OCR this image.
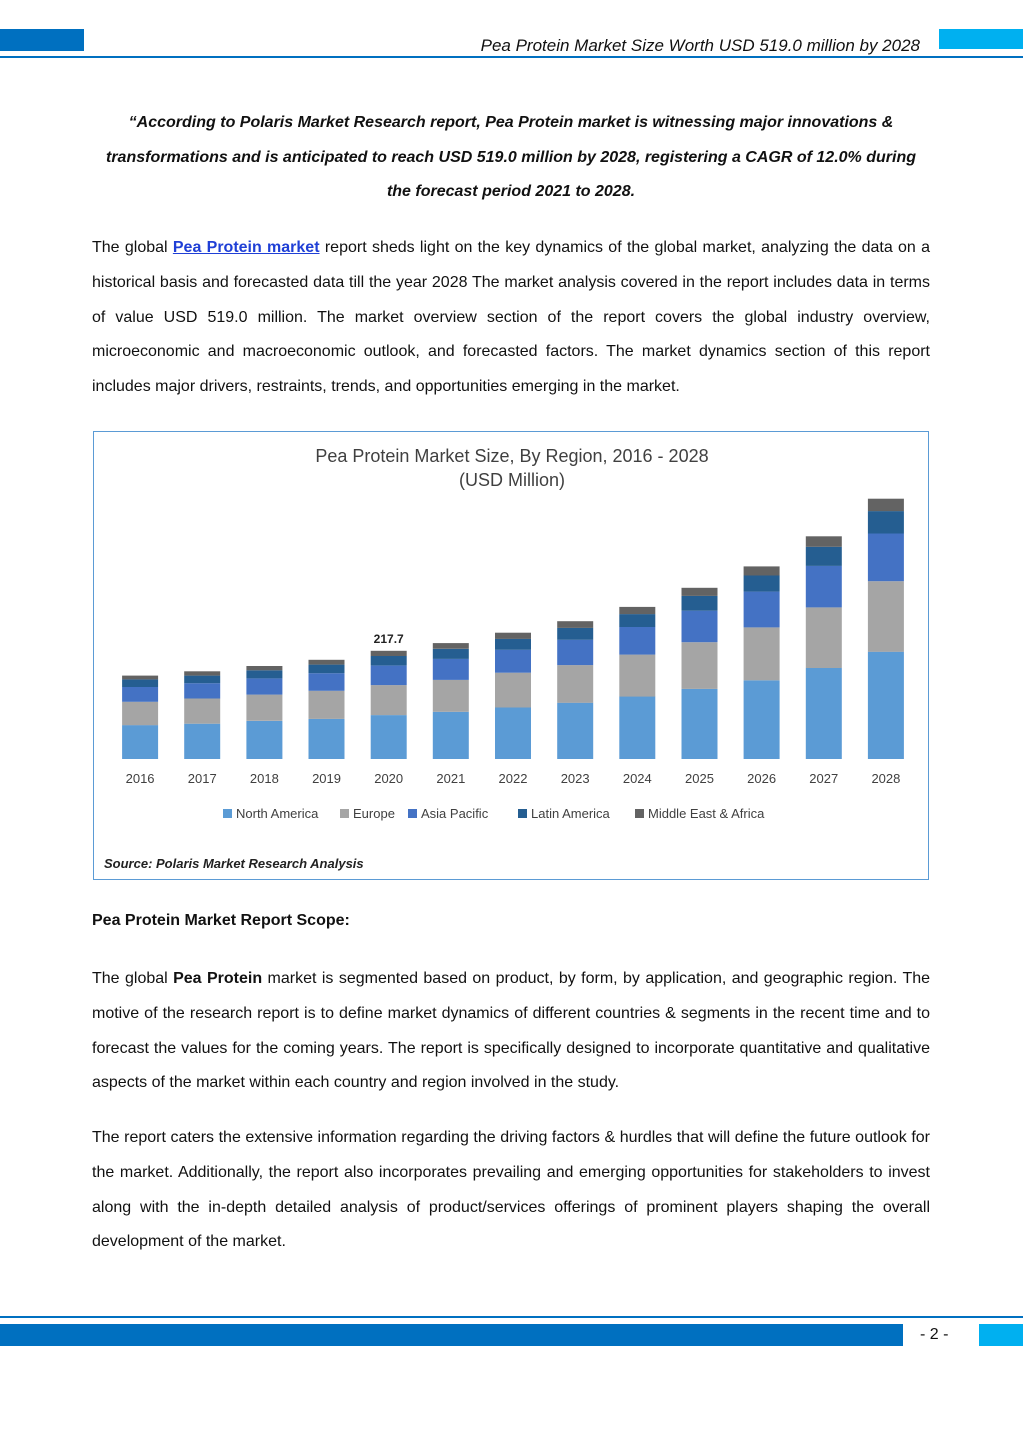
Pea Protein Market Size Worth USD 519.0 million by 2028
“According to Polaris Market Research report, Pea Protein market is witnessing major innovations & transformations and is anticipated to reach USD 519.0 million by 2028, registering a CAGR of 12.0% during the forecast period 2021 to 2028.

The global Pea Protein market report sheds light on the key dynamics of the global market, analyzing the data on a historical basis and forecasted data till the year 2028 The market analysis covered in the report includes data in terms of value USD 519.0 million. The market overview section of the report covers the global industry overview, microeconomic and macroeconomic outlook, and forecasted factors. The market dynamics section of this report includes major drivers, restraints, trends, and opportunities emerging in the market.

Pea Protein Market Size, By Region, 2016 - 2028
(USD Million)
217.7
2016	2017	2018	2019	2020	2021	2022	2023	2024	2025	2026	2027	2028
North America	Europe Asia Pacific	Latin America	Middle East & Africa
Source: Polaris Market Research Analysis
Pea Protein Market Report Scope:

The global Pea Protein market is segmented based on product, by form, by application, and geographic region. The motive of the research report is to define market dynamics of different countries & segments in the recent time and to forecast the values for the coming years. The report is specifically designed to incorporate quantitative and qualitative aspects of the market within each country and region involved in the study.

The report caters the extensive information regarding the driving factors & hurdles that will define the future outlook for the market. Additionally, the report also incorporates prevailing and emerging opportunities for stakeholders to invest along with the in-depth detailed analysis of product/services offerings of prominent players shaping the overall development of the market.

- 2 -
